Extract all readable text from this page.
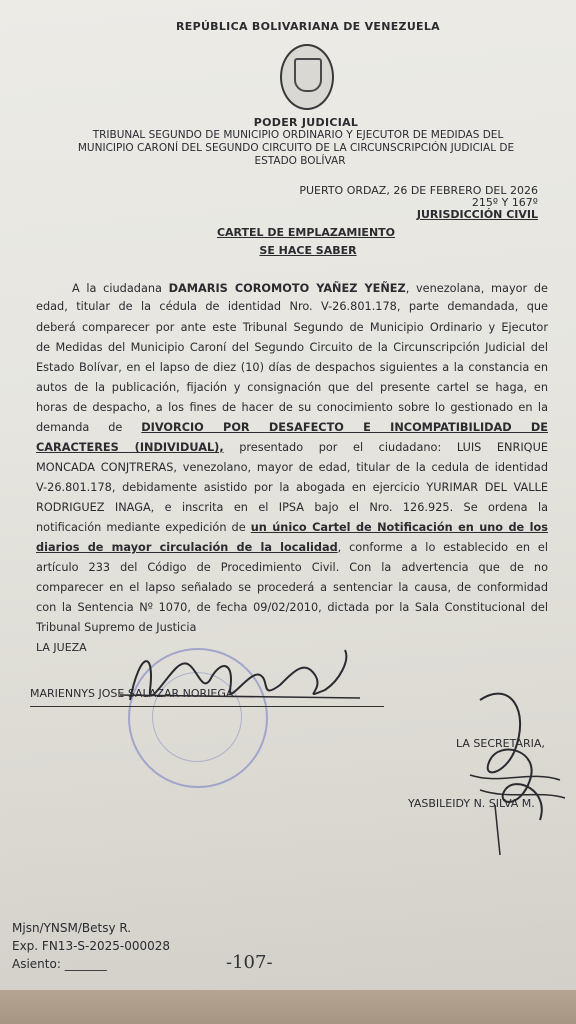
REPÚBLICA BOLIVARIANA DE VENEZUELA
PODER JUDICIAL
TRIBUNAL SEGUNDO DE MUNICIPIO ORDINARIO Y EJECUTOR DE MEDIDAS DEL
MUNICIPIO CARONÍ DEL SEGUNDO CIRCUITO DE LA CIRCUNSCRIPCIÓN JUDICIAL DE
ESTADO BOLÍVAR
PUERTO ORDAZ, 26 DE FEBRERO DEL 2026
215º Y 167º
JURISDICCIÓN CIVIL
CARTEL DE EMPLAZAMIENTO
SE HACE SABER
A la ciudadana DAMARIS COROMOTO YAÑEZ YEÑEZ, venezolana, mayor de
edad, titular de la cédula de identidad Nro. V-26.801.178, parte demandada, que
deberá comparecer por ante este Tribunal Segundo de Municipio Ordinario y Ejecutor
de Medidas del Municipio Caroní del Segundo Circuito de la Circunscripción Judicial del
Estado Bolívar, en el lapso de diez (10) días de despachos siguientes a la constancia en
autos de la publicación, fijación y consignación que del presente cartel se haga, en
horas de despacho, a los fines de hacer de su conocimiento sobre lo gestionado en la
demanda de DIVORCIO POR DESAFECTO E INCOMPATIBILIDAD DE
CARACTERES (INDIVIDUAL), presentado por el ciudadano: LUIS ENRIQUE
MONCADA CONJTRERAS, venezolano, mayor de edad, titular de la cedula de identidad
V-26.801.178, debidamente asistido por la abogada en ejercicio YURIMAR DEL VALLE
RODRIGUEZ INAGA, e inscrita en el IPSA bajo el Nro. 126.925. Se ordena la
notificación mediante expedición de un único Cartel de Notificación en uno de los
diarios de mayor circulación de la localidad, conforme a lo establecido en el
artículo 233 del Código de Procedimiento Civil. Con la advertencia que de no
comparecer en el lapso señalado se procederá a sentenciar la causa, de conformidad
con la Sentencia Nº 1070, de fecha 09/02/2010, dictada por la Sala Constitucional del
Tribunal Supremo de Justicia
LA JUEZA
MARIENNYS JOSE SALAZAR NORIEGA
LA SECRETARIA,
YASBILEIDY N. SILVA M.
Mjsn/YNSM/Betsy R.
Exp. FN13-S-2025-000028
Asiento: _______	-107-
